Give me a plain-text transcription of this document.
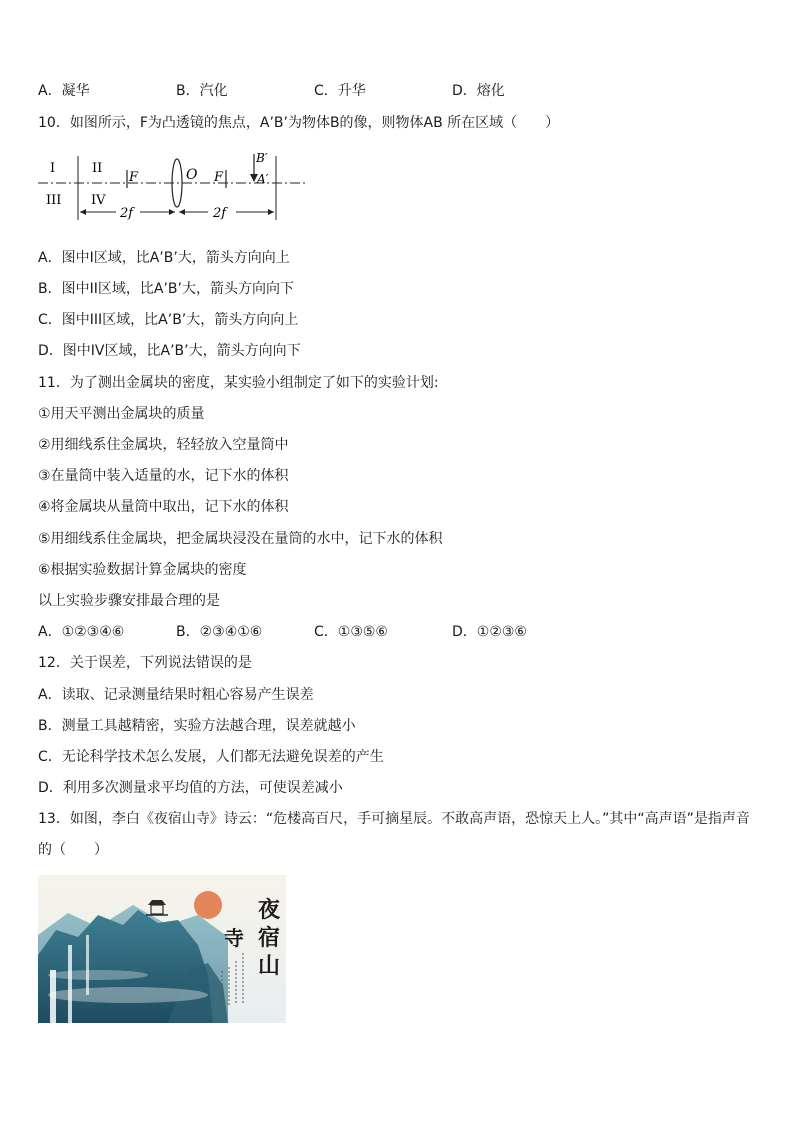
A．凝华	B．汽化	C．升华	D．熔化
10．如图所示，F为凸透镜的焦点，A’B’为物体B的像，则物体AB 所在区域（　　）
I	II
III IV
F	O F
B′
A′
2f	2f
A．图中I区域，比A’B’大，箭头方向向上
B．图中II区域，比A’B’大，箭头方向向下
C．图中III区域，比A’B’大，箭头方向向上
D．图中IV区域，比A’B’大，箭头方向向下
11．为了测出金属块的密度，某实验小组制定了如下的实验计划:
①用天平测出金属块的质量
②用细线系住金属块，轻轻放入空量筒中
③在量筒中装入适量的水，记下水的体积
④将金属块从量筒中取出，记下水的体积
⑤用细线系住金属块，把金属块浸没在量筒的水中，记下水的体积
⑥根据实验数据计算金属块的密度
以上实验步骤安排最合理的是
A．①②③④⑥	B．②③④①⑥	C．①③⑤⑥	D．①②③⑥
12．关于误差，下列说法错误的是
A．读取、记录测量结果时粗心容易产生误差
B．测量工具越精密，实验方法越合理，误差就越小
C．无论科学技术怎么发展，人们都无法避免误差的产生
D．利用多次测量求平均值的方法，可使误差减小
13．如图，李白《夜宿山寺》诗云：“危楼高百尺，手可摘星辰。不敢高声语，恐惊天上人。”其中“高声语”是指声音的（　　）
夜
宿
山
寺
